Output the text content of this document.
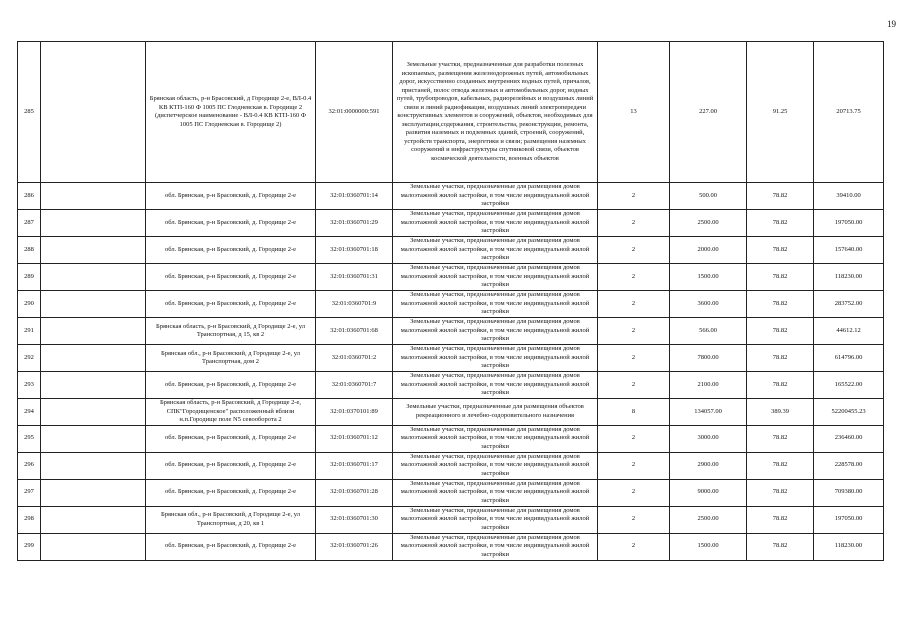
19
285		Брянская область, р-н Брасовский, д Городище 2-е, ВЛ-0.4 КВ КТП-160 Ф 1005 ПС Глодневская в. Городище 2 (диспетчерское наименование - ВЛ-0.4 КВ КТП-160 Ф 1005 ПС Глодневская в. Городище 2)	32:01:0000000:591	Земельные участки, предназначенные для разработки полезных ископаемых, размещения железнодорожных путей, автомобильных дорог, искусственно созданных внутренних водных путей, причалов, пристаней, полос отвода железных и автомобильных дорог, водных путей, трубопроводов, кабельных, радиорелейных и воздушных линий связи и линий радиофикации, воздушных линий электропередачи конструктивных элементов и сооружений, объектов, необходимых для эксплуатации,содержания, строительства, реконструкции, ремонта, развития наземных и подземных зданий, строений, сооружений, устройств транспорта, энергетики и связи; размещения наземных сооружений и инфраструктуры спутниковой связи, объектов космической деятельности, военных объектов	13	227.00	91.25	20713.75
286		обл. Брянская, р-н Брасовский, д. Городище 2-е	32:01:0360701:14	Земельные участки, предназначенные для размещения домов малоэтажной жилой застройки, в том числе индивидуальной жилой застройки	2	500.00	78.82	39410.00
287		обл. Брянская, р-н Брасовский, д. Городище 2-е	32:01:0360701:29	Земельные участки, предназначенные для размещения домов малоэтажной жилой застройки, в том числе индивидуальной жилой застройки	2	2500.00	78.82	197050.00
288		обл. Брянская, р-н Брасовский, д. Городище 2-е	32:01:0360701:18	Земельные участки, предназначенные для размещения домов малоэтажной жилой застройки, в том числе индивидуальной жилой застройки	2	2000.00	78.82	157640.00
289		обл. Брянская, р-н Брасовский, д. Городище 2-е	32:01:0360701:31	Земельные участки, предназначенные для размещения домов малоэтажной жилой застройки, в том числе индивидуальной жилой застройки	2	1500.00	78.82	118230.00
290		обл. Брянская, р-н Брасовский, д. Городище 2-е	32:01:0360701:9	Земельные участки, предназначенные для размещения домов малоэтажной жилой застройки, в том числе индивидуальной жилой застройки	2	3600.00	78.82	283752.00
291		Брянская область, р-н Брасовский, д Городище 2-е, ул Транспортная, д 15, кв 2	32:01:0360701:68	Земельные участки, предназначенные для размещения домов малоэтажной жилой застройки, в том числе индивидуальной жилой застройки	2	566.00	78.82	44612.12
292		Брянская обл., р-н Брасовский, д Городище 2-е, ул Транспортная, дом 2	32:01:0360701:2	Земельные участки, предназначенные для размещения домов малоэтажной жилой застройки, в том числе индивидуальной жилой застройки	2	7800.00	78.82	614796.00
293		обл. Брянская, р-н Брасовский, д. Городище 2-е	32:01:0360701:7	Земельные участки, предназначенные для размещения домов малоэтажной жилой застройки, в том числе индивидуальной жилой застройки	2	2100.00	78.82	165522.00
294		Брянская область, р-н Брасовский, д Городище 2-е, СПК"Городищенское" расположенный вблизи н.п.Городище поле N5 севооборота 2	32:01:0370101:89	Земельные участки, предназначенные для размещения объектов рекреационного и лечебно-оздоровительного назначения	8	134057.00	389.39	52200455.23
295		обл. Брянская, р-н Брасовский, д. Городище 2-е	32:01:0360701:12	Земельные участки, предназначенные для размещения домов малоэтажной жилой застройки, в том числе индивидуальной жилой застройки	2	3000.00	78.82	236460.00
296		обл. Брянская, р-н Брасовский, д. Городище 2-е	32:01:0360701:17	Земельные участки, предназначенные для размещения домов малоэтажной жилой застройки, в том числе индивидуальной жилой застройки	2	2900.00	78.82	228578.00
297		обл. Брянская, р-н Брасовский, д. Городище 2-е	32:01:0360701:28	Земельные участки, предназначенные для размещения домов малоэтажной жилой застройки, в том числе индивидуальной жилой застройки	2	9000.00	78.82	709380.00
298		Брянская обл., р-н Брасовский, д Городище 2-е, ул Транспортная, д 20, кв 1	32:01:0360701:30	Земельные участки, предназначенные для размещения домов малоэтажной жилой застройки, в том числе индивидуальной жилой застройки	2	2500.00	78.82	197050.00
299		обл. Брянская, р-н Брасовский, д. Городище 2-е	32:01:0360701:26	Земельные участки, предназначенные для размещения домов малоэтажной жилой застройки, в том числе индивидуальной жилой застройки	2	1500.00	78.82	118230.00
